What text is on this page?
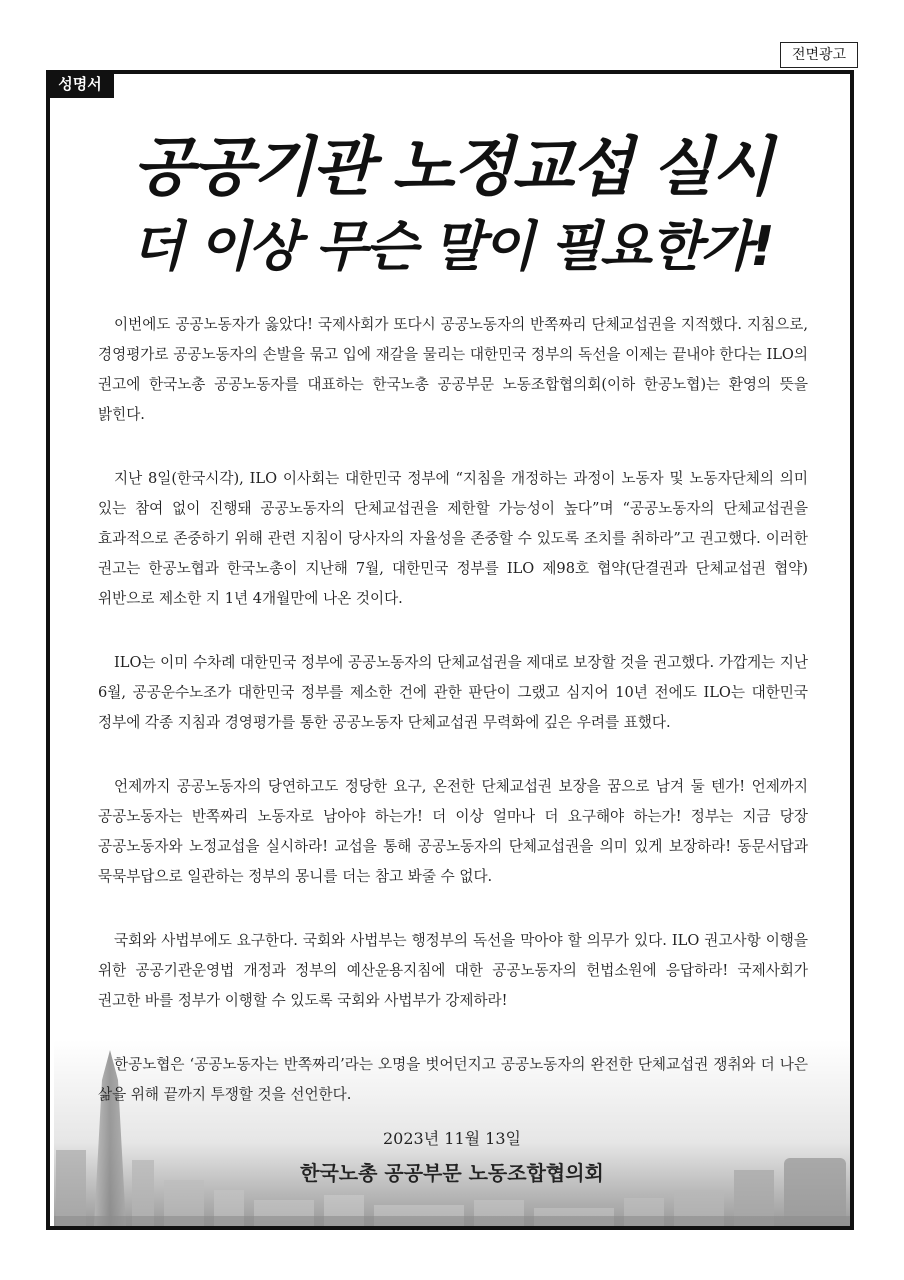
전면광고
성명서
공공기관 노정교섭 실시
더 이상 무슨 말이 필요한가!

이번에도 공공노동자가 옳았다! 국제사회가 또다시 공공노동자의 반쪽짜리 단체교섭권을 지적했다. 지침으로, 경영평가로 공공노동자의 손발을 묶고 입에 재갈을 물리는 대한민국 정부의 독선을 이제는 끝내야 한다는 ILO의 권고에 한국노총 공공노동자를 대표하는 한국노총 공공부문 노동조합협의회(이하 한공노협)는 환영의 뜻을 밝힌다.

지난 8일(한국시각), ILO 이사회는 대한민국 정부에 “지침을 개정하는 과정이 노동자 및 노동자단체의 의미 있는 참여 없이 진행돼 공공노동자의 단체교섭권을 제한할 가능성이 높다”며 “공공노동자의 단체교섭권을 효과적으로 존중하기 위해 관련 지침이 당사자의 자율성을 존중할 수 있도록 조치를 취하라”고 권고했다. 이러한 권고는 한공노협과 한국노총이 지난해 7월, 대한민국 정부를 ILO 제98호 협약(단결권과 단체교섭권 협약) 위반으로 제소한 지 1년 4개월만에 나온 것이다.

ILO는 이미 수차례 대한민국 정부에 공공노동자의 단체교섭권을 제대로 보장할 것을 권고했다. 가깝게는 지난 6월, 공공운수노조가 대한민국 정부를 제소한 건에 관한 판단이 그랬고 심지어 10년 전에도 ILO는 대한민국 정부에 각종 지침과 경영평가를 통한 공공노동자 단체교섭권 무력화에 깊은 우려를 표했다.

언제까지 공공노동자의 당연하고도 정당한 요구, 온전한 단체교섭권 보장을 꿈으로 남겨 둘 텐가! 언제까지 공공노동자는 반쪽짜리 노동자로 남아야 하는가! 더 이상 얼마나 더 요구해야 하는가! 정부는 지금 당장 공공노동자와 노정교섭을 실시하라! 교섭을 통해 공공노동자의 단체교섭권을 의미 있게 보장하라! 동문서답과 묵묵부답으로 일관하는 정부의 몽니를 더는 참고 봐줄 수 없다.

국회와 사법부에도 요구한다. 국회와 사법부는 행정부의 독선을 막아야 할 의무가 있다. ILO 권고사항 이행을 위한 공공기관운영법 개정과 정부의 예산운용지침에 대한 공공노동자의 헌법소원에 응답하라! 국제사회가 권고한 바를 정부가 이행할 수 있도록 국회와 사법부가 강제하라!

한공노협은 ‘공공노동자는 반쪽짜리’라는 오명을 벗어던지고 공공노동자의 완전한 단체교섭권 쟁취와 더 나은 삶을 위해 끝까지 투쟁할 것을 선언한다.

2023년 11월 13일
한국노총 공공부문 노동조합협의회
